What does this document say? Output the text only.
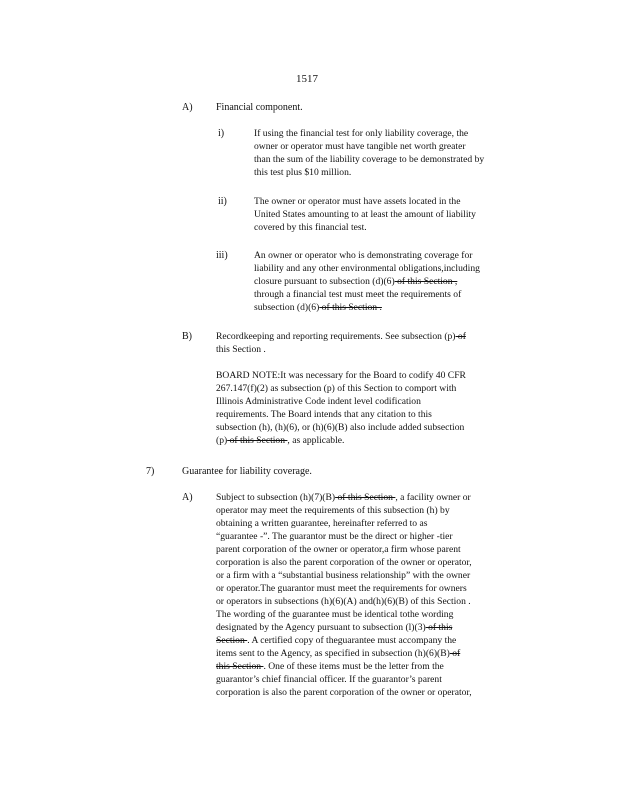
1517
A) Financial component.
i)	If using the financial test for only liability coverage, the
owner or operator must have tangible net worth greater
than the sum of the liability coverage to be demonstrated by
this test plus $10 million.
ii)	The owner or operator must have assets located in the
United States amounting to at least the amount of liability
covered by this financial test.
iii)	An owner or operator who is demonstrating coverage for
liability and any other environmental obligations,including
closure pursuant to subsection (d)(6) of this Section ,
through a financial test must meet the requirements of
subsection (d)(6) of this Section .
B)	Recordkeeping and reporting requirements. See subsection (p) of
this Section .
BOARD NOTE:It was necessary for the Board to codify 40 CFR
267.147(f)(2) as subsection (p) of this Section to comport with
Illinois Administrative Code indent level codification
requirements. The Board intends that any citation to this
subsection (h), (h)(6), or (h)(6)(B) also include added subsection
(p) of this Section , as applicable.
7)	Guarantee for liability coverage.
A) Subject to subsection (h)(7)(B) of this Section , a facility owner or
operator may meet the requirements of this subsection (h) by
obtaining a written guarantee, hereinafter referred to as
“guarantee -”. The guarantor must be the direct or higher -tier
parent corporation of the owner or operator,a firm whose parent
corporation is also the parent corporation of the owner or operator,
or a firm with a “substantial business relationship” with the owner
or operator.The guarantor must meet the requirements for owners
or operators in subsections (h)(6)(A) and(h)(6)(B) of this Section .
The wording of the guarantee must be identical tothe wording
designated by the Agency pursuant to subsection (l)(3) of this
Section . A certified copy of theguarantee must accompany the
items sent to the Agency, as specified in subsection (h)(6)(B) of
this Section . One of these items must be the letter from the
guarantor’s chief financial officer. If the guarantor’s parent
corporation is also the parent corporation of the owner or operator,
